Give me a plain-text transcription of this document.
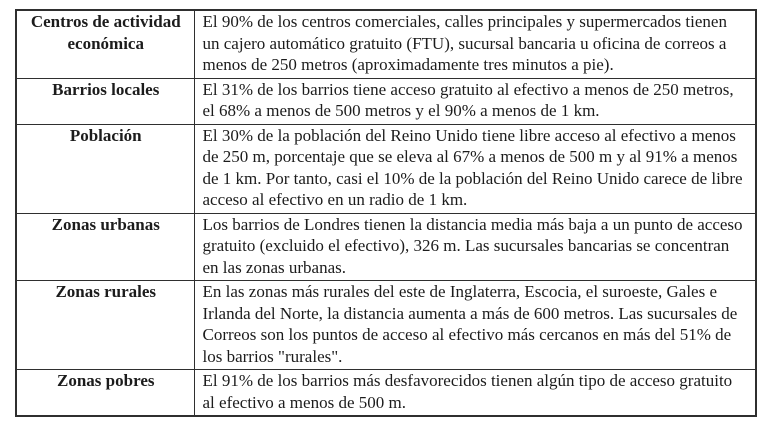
Centros de actividad económica	El 90% de los centros comerciales, calles principales y supermercados tienen un cajero automático gratuito (FTU), sucursal bancaria u oficina de correos a menos de 250 metros (aproximadamente tres minutos a pie).
Barrios locales	El 31% de los barrios tiene acceso gratuito al efectivo a menos de 250 metros, el 68% a menos de 500 metros y el 90% a menos de 1 km.
Población	El 30% de la población del Reino Unido tiene libre acceso al efectivo a menos de 250 m, porcentaje que se eleva al 67% a menos de 500 m y al 91% a menos de 1 km. Por tanto, casi el 10% de la población del Reino Unido carece de libre acceso al efectivo en un radio de 1 km.
Zonas urbanas	Los barrios de Londres tienen la distancia media más baja a un punto de acceso gratuito (excluido el efectivo), 326 m. Las sucursales bancarias se concentran en las zonas urbanas.
Zonas rurales	En las zonas más rurales del este de Inglaterra, Escocia, el suroeste, Gales e Irlanda del Norte, la distancia aumenta a más de 600 metros. Las sucursales de Correos son los puntos de acceso al efectivo más cercanos en más del 51% de los barrios "rurales".
Zonas pobres	El 91% de los barrios más desfavorecidos tienen algún tipo de acceso gratuito al efectivo a menos de 500 m.
